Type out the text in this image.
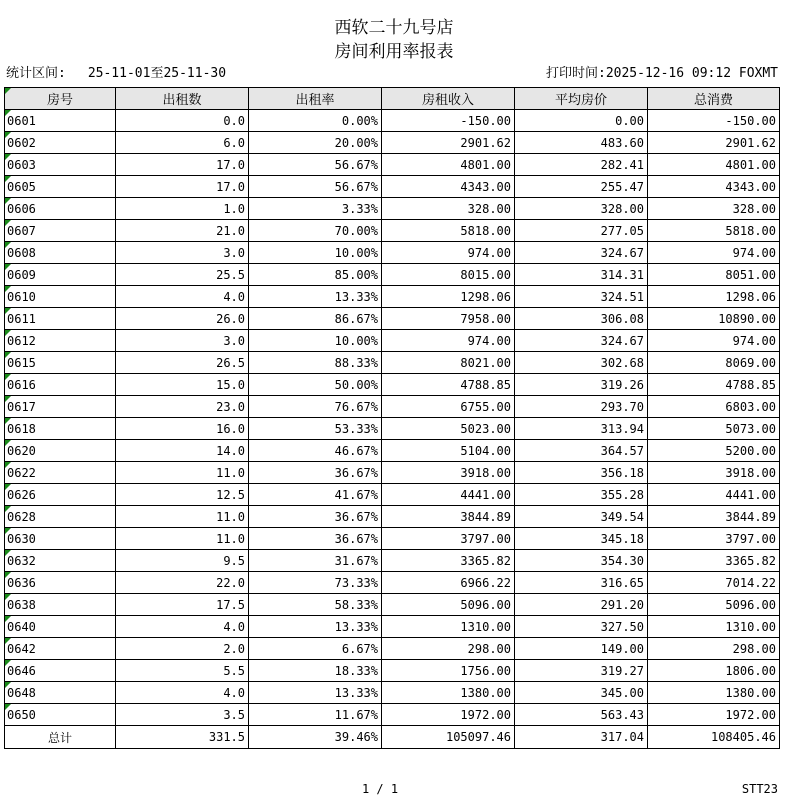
西软二十九号店
房间利用率报表
统计区间: 25-11-01至25-11-30	打印时间:2025-12-16 09:12 FOXMT
房号	出租数	出租率	房租收入	平均房价	总消费
0601	0.0	0.00%	-150.00	0.00	-150.00
0602	6.0	20.00%	2901.62	483.60	2901.62
0603	17.0	56.67%	4801.00	282.41	4801.00
0605	17.0	56.67%	4343.00	255.47	4343.00
0606	1.0	3.33%	328.00	328.00	328.00
0607	21.0	70.00%	5818.00	277.05	5818.00
0608	3.0	10.00%	974.00	324.67	974.00
0609	25.5	85.00%	8015.00	314.31	8051.00
0610	4.0	13.33%	1298.06	324.51	1298.06
0611	26.0	86.67%	7958.00	306.08	10890.00
0612	3.0	10.00%	974.00	324.67	974.00
0615	26.5	88.33%	8021.00	302.68	8069.00
0616	15.0	50.00%	4788.85	319.26	4788.85
0617	23.0	76.67%	6755.00	293.70	6803.00
0618	16.0	53.33%	5023.00	313.94	5073.00
0620	14.0	46.67%	5104.00	364.57	5200.00
0622	11.0	36.67%	3918.00	356.18	3918.00
0626	12.5	41.67%	4441.00	355.28	4441.00
0628	11.0	36.67%	3844.89	349.54	3844.89
0630	11.0	36.67%	3797.00	345.18	3797.00
0632	9.5	31.67%	3365.82	354.30	3365.82
0636	22.0	73.33%	6966.22	316.65	7014.22
0638	17.5	58.33%	5096.00	291.20	5096.00
0640	4.0	13.33%	1310.00	327.50	1310.00
0642	2.0	6.67%	298.00	149.00	298.00
0646	5.5	18.33%	1756.00	319.27	1806.00
0648	4.0	13.33%	1380.00	345.00	1380.00
0650	3.5	11.67%	1972.00	563.43	1972.00
总计	331.5	39.46%	105097.46	317.04	108405.46
1 / 1	STT23
